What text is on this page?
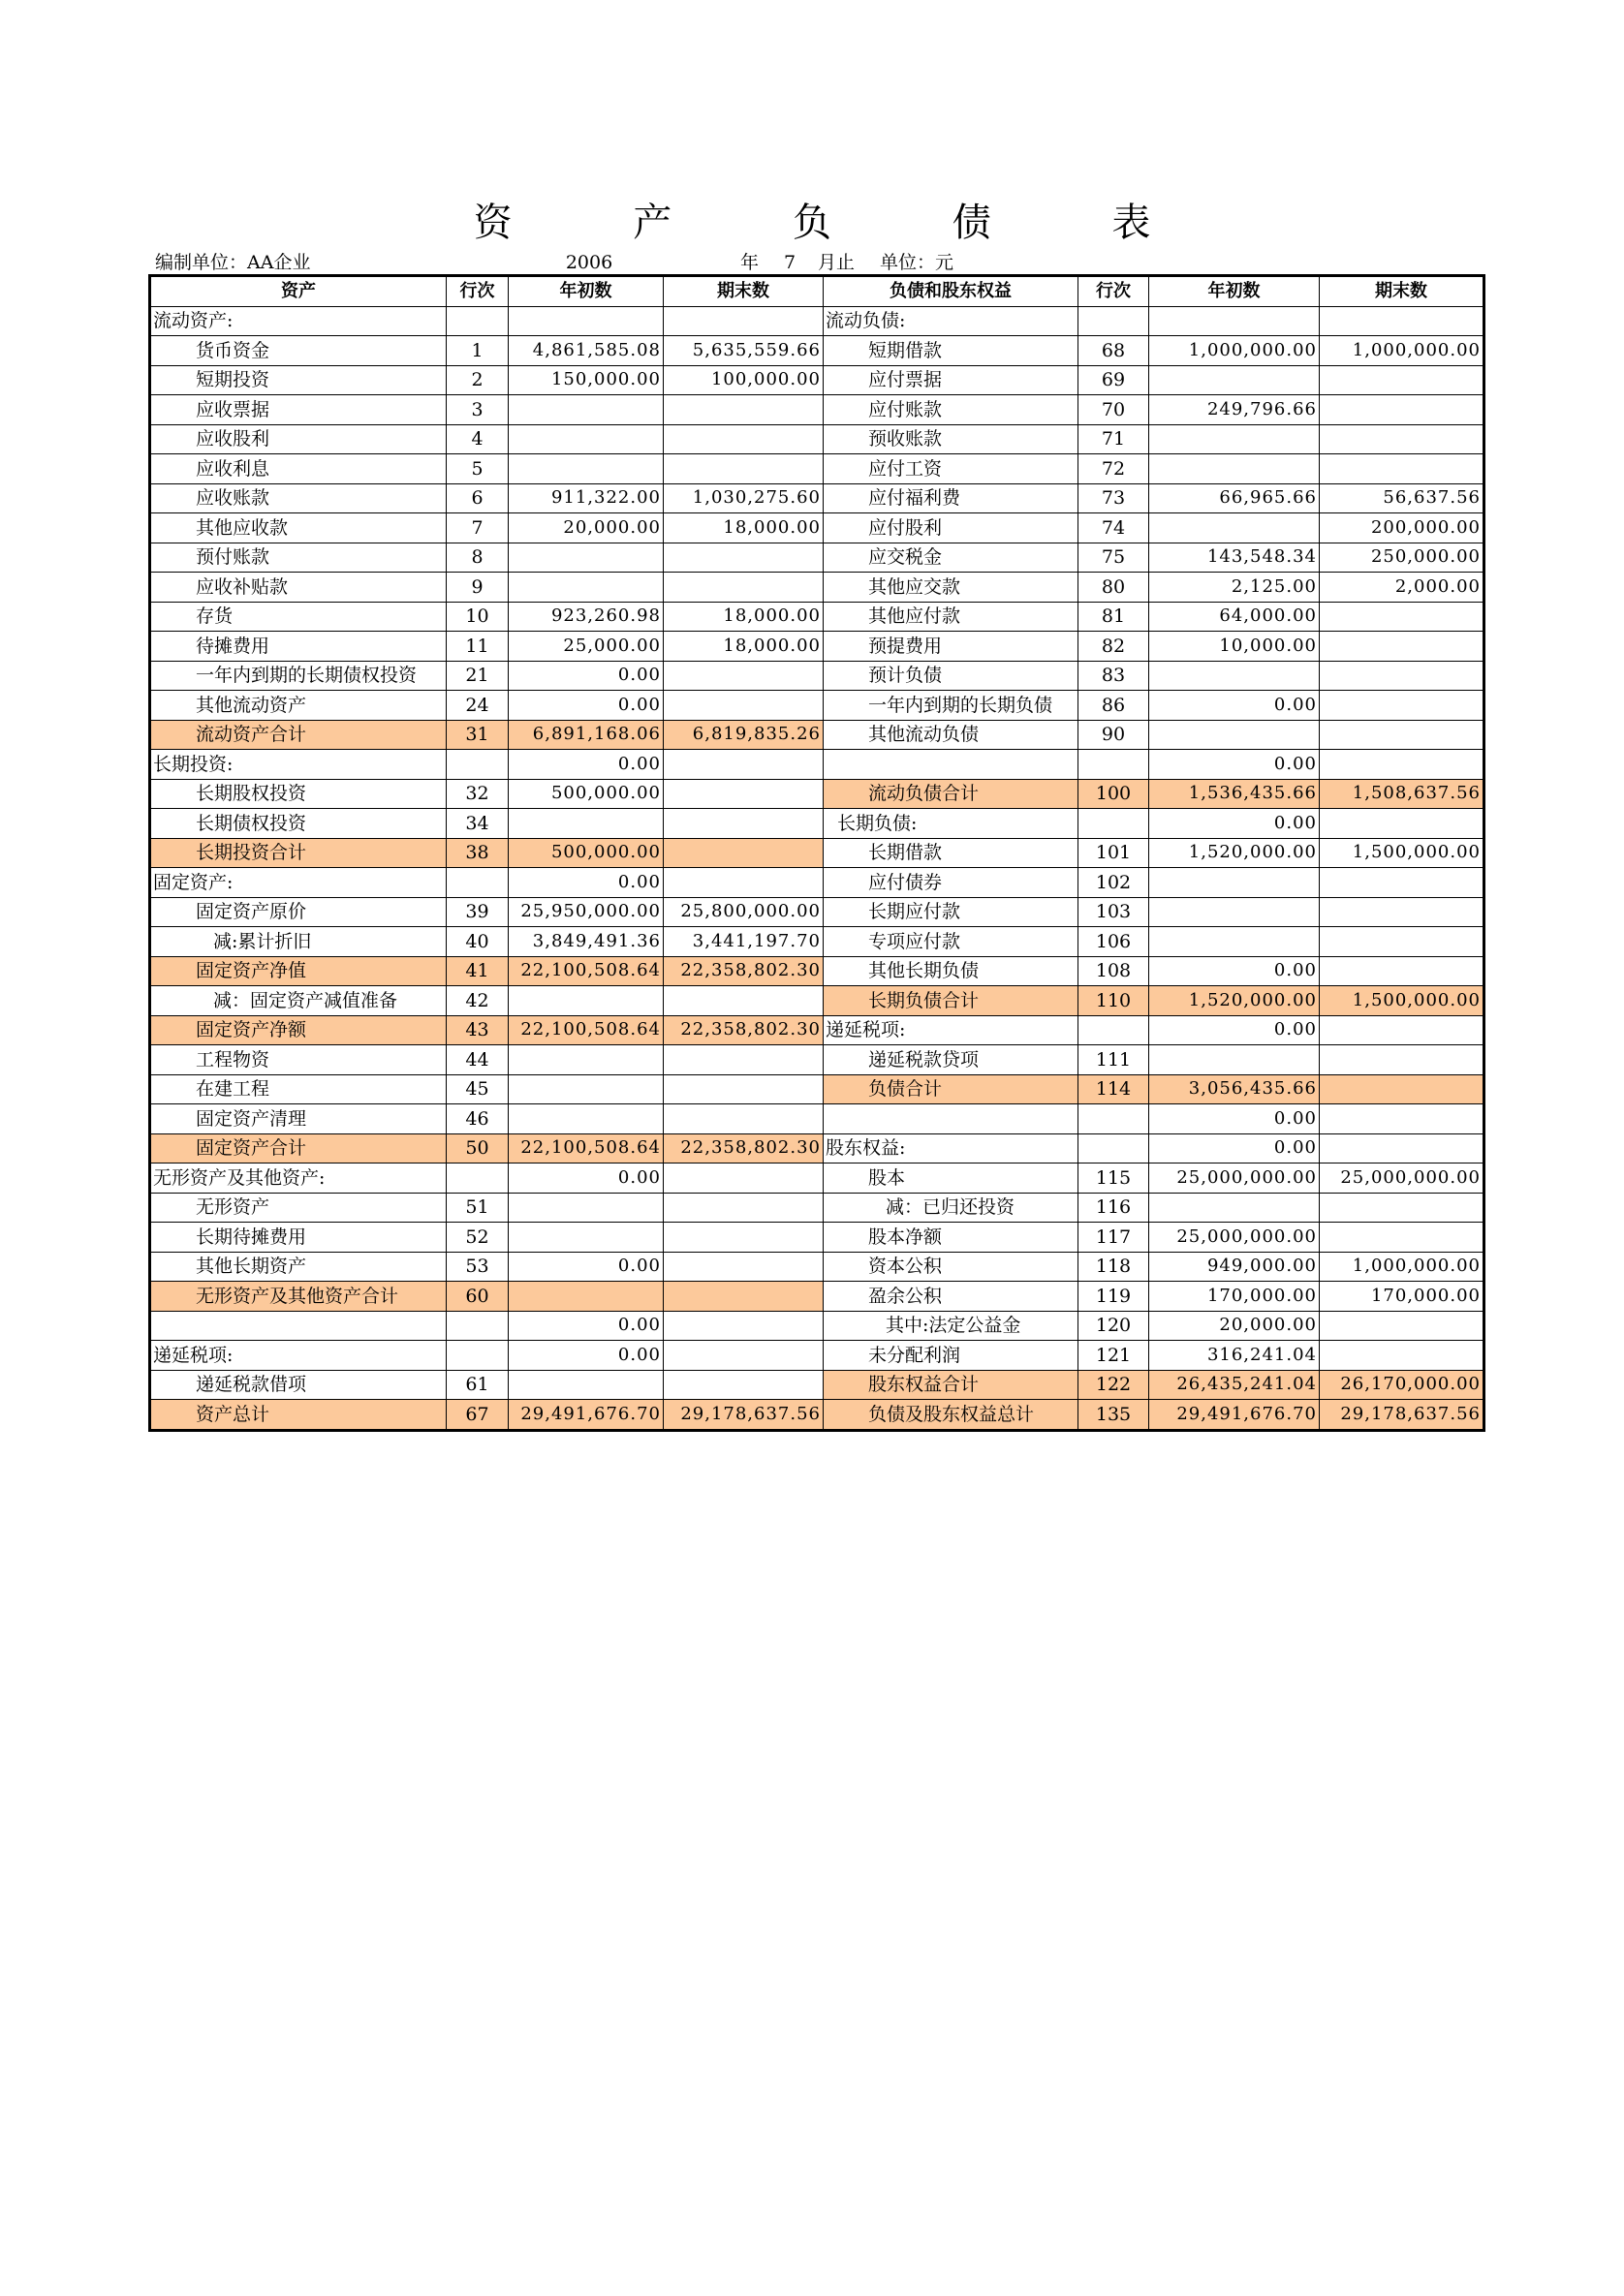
资 产 负 债 表
编制单位：AA企业	2006
	年	7	月止 单位：元
资产	行次	年初数	期末数	负债和股东权益	行次	年初数	期末数
流动资产:				流动负债:			
货币资金	1	4,861,585.08	5,635,559.66	短期借款	68	1,000,000.00	1,000,000.00
短期投资	2	150,000.00	100,000.00	应付票据	69		
应收票据	3			应付账款	70	249,796.66	
应收股利	4			预收账款	71		
应收利息	5			应付工资	72		
应收账款	6	911,322.00	1,030,275.60	应付福利费	73	66,965.66	56,637.56
其他应收款	7	20,000.00	18,000.00	应付股利	74		200,000.00
预付账款	8			应交税金	75	143,548.34	250,000.00
应收补贴款	9			其他应交款	80	2,125.00	2,000.00
存货	10	923,260.98	18,000.00	其他应付款	81	64,000.00	
待摊费用	11	25,000.00	18,000.00	预提费用	82	10,000.00	
一年内到期的长期债权投资	21	0.00		预计负债	83		
其他流动资产	24	0.00		一年内到期的长期负债	86	0.00	
流动资产合计	31	6,891,168.06	6,819,835.26	其他流动负债	90		
长期投资:		0.00				0.00	
长期股权投资	32	500,000.00		流动负债合计	100	1,536,435.66	1,508,637.56
长期债权投资	34			长期负债:		0.00	
长期投资合计	38	500,000.00		长期借款	101	1,520,000.00	1,500,000.00
固定资产:		0.00		应付债券	102		
固定资产原价	39	25,950,000.00	25,800,000.00	长期应付款	103		
减:累计折旧	40	3,849,491.36	3,441,197.70	专项应付款	106		
固定资产净值	41	22,100,508.64	22,358,802.30	其他长期负债	108	0.00	
减：固定资产减值准备	42			长期负债合计	110	1,520,000.00	1,500,000.00
固定资产净额	43	22,100,508.64	22,358,802.30	递延税项:		0.00	
工程物资	44			递延税款贷项	111		
在建工程	45			负债合计	114	3,056,435.66	
固定资产清理	46					0.00	
固定资产合计	50	22,100,508.64	22,358,802.30	股东权益:		0.00	
无形资产及其他资产:		0.00		股本	115	25,000,000.00	25,000,000.00
无形资产	51			减：已归还投资	116		
长期待摊费用	52			股本净额	117	25,000,000.00	
其他长期资产	53	0.00		资本公积	118	949,000.00	1,000,000.00
无形资产及其他资产合计	60			盈余公积	119	170,000.00	170,000.00
		0.00		其中:法定公益金	120	20,000.00	
递延税项:		0.00		未分配利润	121	316,241.04	
递延税款借项	61			股东权益合计	122	26,435,241.04	26,170,000.00
资产总计	67	29,491,676.70	29,178,637.56	负债及股东权益总计	135	29,491,676.70	29,178,637.56
